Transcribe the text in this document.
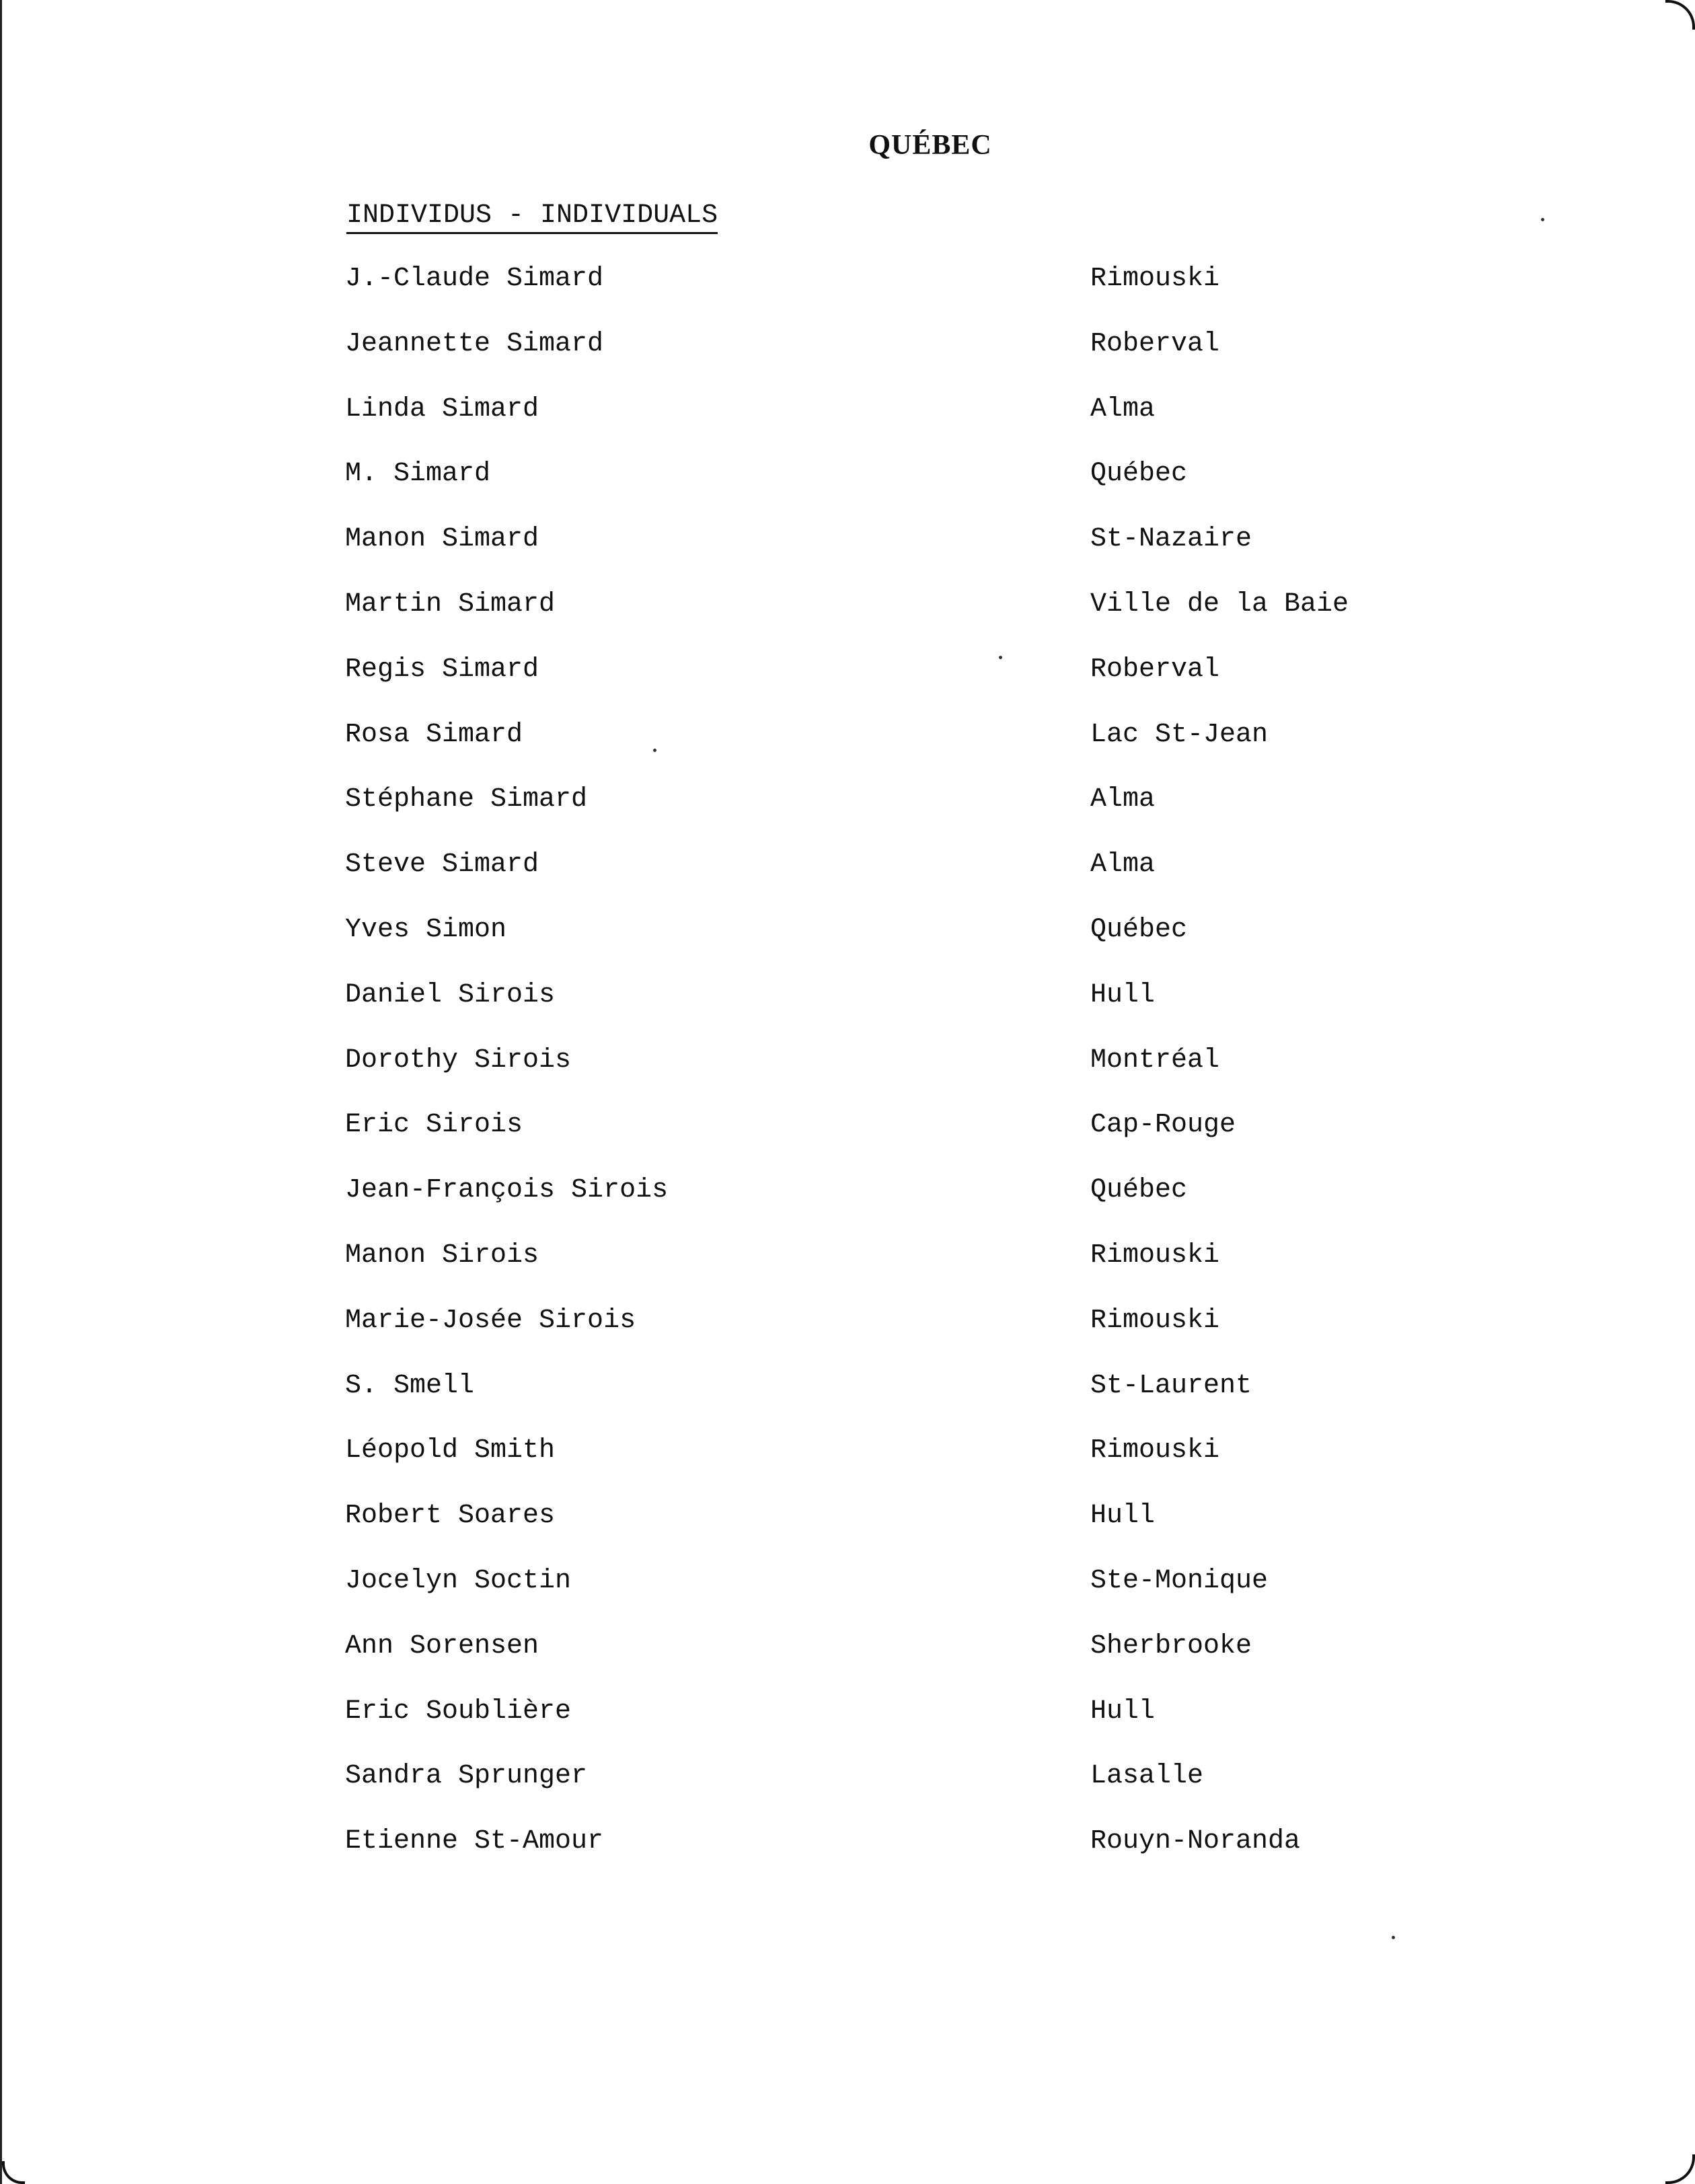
QUÉBEC
INDIVIDUS - INDIVIDUALS
J.-Claude Simard	Rimouski
Jeannette Simard	Roberval
Linda Simard	Alma
M. Simard	Québec
Manon Simard	St-Nazaire
Martin Simard	Ville de la Baie
Regis Simard	Roberval
Rosa Simard	Lac St-Jean
Stéphane Simard	Alma
Steve Simard	Alma
Yves Simon	Québec
Daniel Sirois	Hull
Dorothy Sirois	Montréal
Eric Sirois	Cap-Rouge
Jean-François Sirois	Québec
Manon Sirois	Rimouski
Marie-Josée Sirois	Rimouski
S. Smell	St-Laurent
Léopold Smith	Rimouski
Robert Soares	Hull
Jocelyn Soctin	Ste-Monique
Ann Sorensen	Sherbrooke
Eric Soublière	Hull
Sandra Sprunger	Lasalle
Etienne St-Amour	Rouyn-Noranda
